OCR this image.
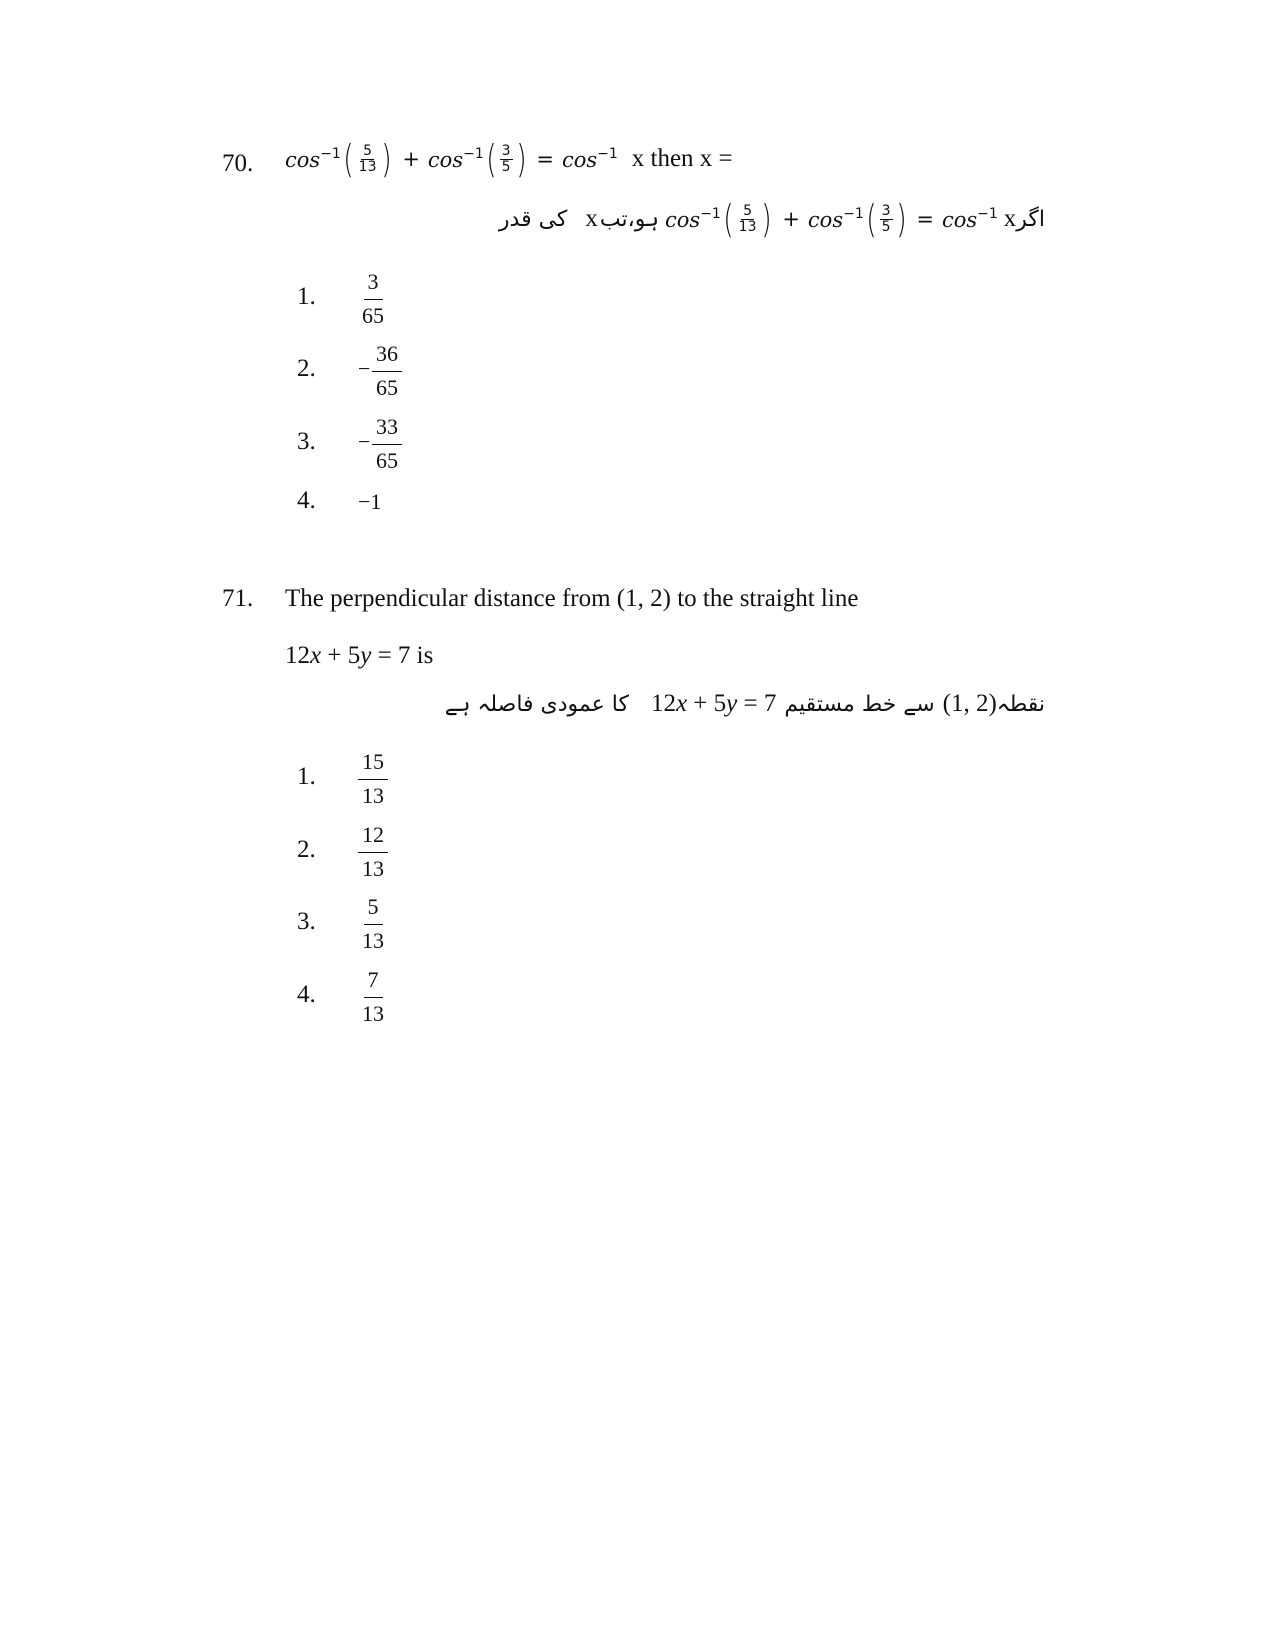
70. $\cos^{-1}$ ( $\frac{5}{13}$ ) + $\cos^{-1}$ ( $\frac{3}{5}$ ) = $\cos^{-1} x$ then x =
کی قدر x ہو،تب $\cos^{-1}$ ( $\frac{5}{13}$ ) + $\cos^{-1}$ ( $\frac{3}{5}$ ) = $\cos^{-1} x$ اگر
1. $\frac{3}{65}$
2. − $\frac{36}{65}$
3. − $\frac{33}{65}$
4. −1
71. The perpendicular distance from (1, 2) to the straight line
12 x + 5 y = 7 is
کا عمودی فاصلہ ہے 12x + 5y = 7 سے خط مستقیم (1, 2) نقطہ
1. $\frac{15}{13}$
2. $\frac{12}{13}$
3. $\frac{5}{13}$
4. $\frac{7}{13}$
